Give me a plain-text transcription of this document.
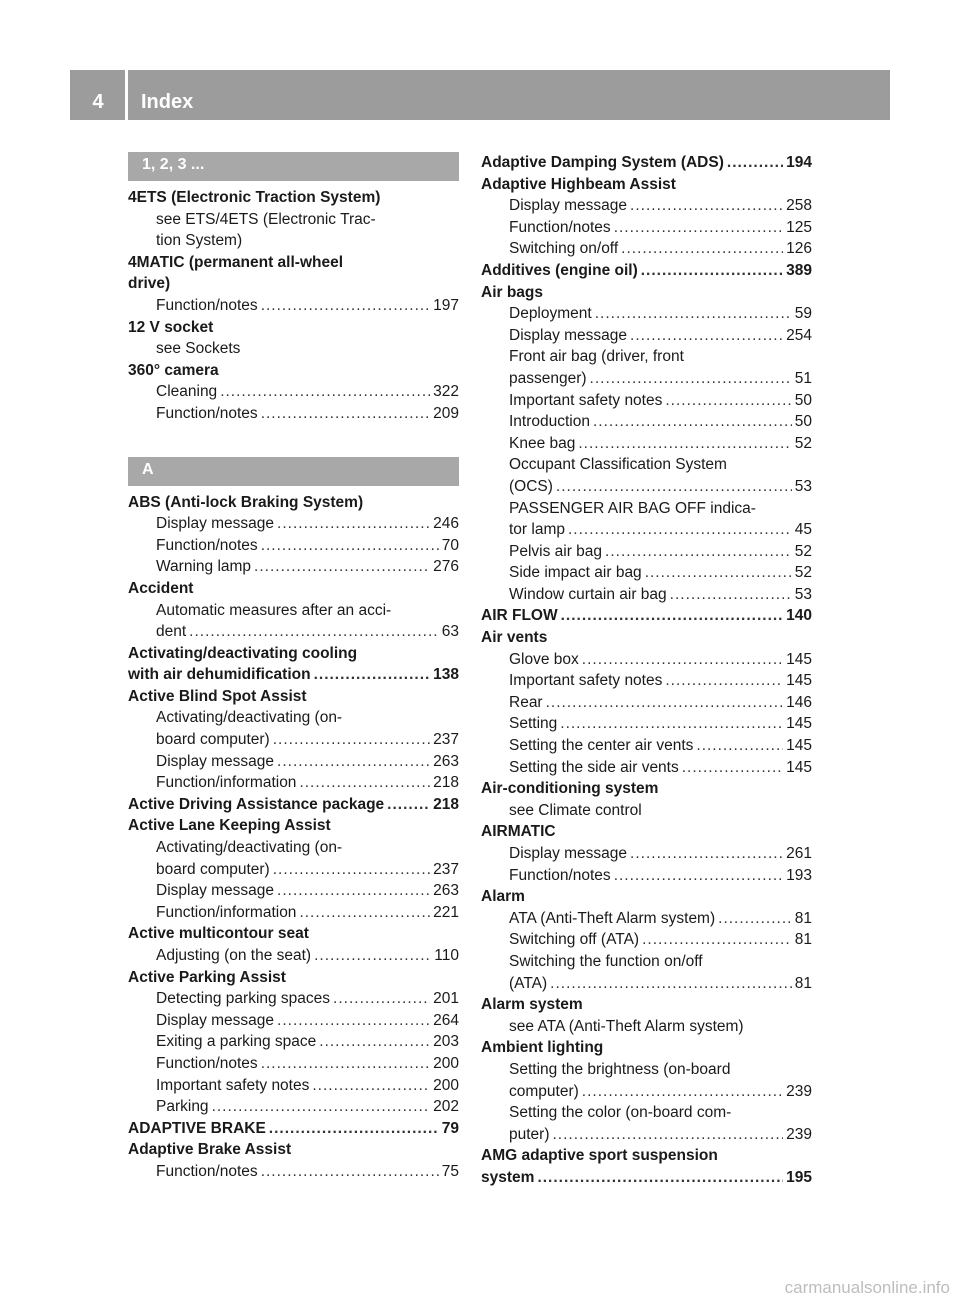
4	Index
1, 2, 3 ...
4ETS (Electronic Traction System)
see ETS/4ETS (Electronic Trac-
tion System)
4MATIC (permanent all-wheel
drive)
Function/notes .....	197
12 V socket
see Sockets
360° camera
Cleaning .....	322
Function/notes .....	209
A
ABS (Anti-lock Braking System)
Display message .....	246
Function/notes .....	70
Warning lamp .....	276
Accident
Automatic measures after an acci-
dent .....	63
Activating/deactivating cooling
with air dehumidification .....	138
Active Blind Spot Assist
Activating/deactivating (on-
board computer) .....	237
Display message .....	263
Function/information .....	218
Active Driving Assistance package .....	218
Active Lane Keeping Assist
Activating/deactivating (on-
board computer) .....	237
Display message .....	263
Function/information .....	221
Active multicontour seat
Adjusting (on the seat) .....	110
Active Parking Assist
Detecting parking spaces .....	201
Display message .....	264
Exiting a parking space .....	203
Function/notes .....	200
Important safety notes .....	200
Parking .....	202
ADAPTIVE BRAKE .....	79
Adaptive Brake Assist
Function/notes .....	75
Adaptive Damping System (ADS) .....	194
Adaptive Highbeam Assist
Display message .....	258
Function/notes .....	125
Switching on/off .....	126
Additives (engine oil) .....	389
Air bags
Deployment .....	59
Display message .....	254
Front air bag (driver, front
passenger) .....	51
Important safety notes .....	50
Introduction .....	50
Knee bag .....	52
Occupant Classification System
(OCS) .....	53
PASSENGER AIR BAG OFF indica-
tor lamp .....	45
Pelvis air bag .....	52
Side impact air bag .....	52
Window curtain air bag .....	53
AIR FLOW .....	140
Air vents
Glove box .....	145
Important safety notes .....	145
Rear .....	146
Setting .....	145
Setting the center air vents .....	145
Setting the side air vents .....	145
Air-conditioning system
see Climate control
AIRMATIC
Display message .....	261
Function/notes .....	193
Alarm
ATA (Anti-Theft Alarm system) .....	81
Switching off (ATA) .....	81
Switching the function on/off
(ATA) .....	81
Alarm system
see ATA (Anti-Theft Alarm system)
Ambient lighting
Setting the brightness (on-board
computer) .....	239
Setting the color (on-board com-
puter) .....	239
AMG adaptive sport suspension
system .....	195
carmanualsonline.info
